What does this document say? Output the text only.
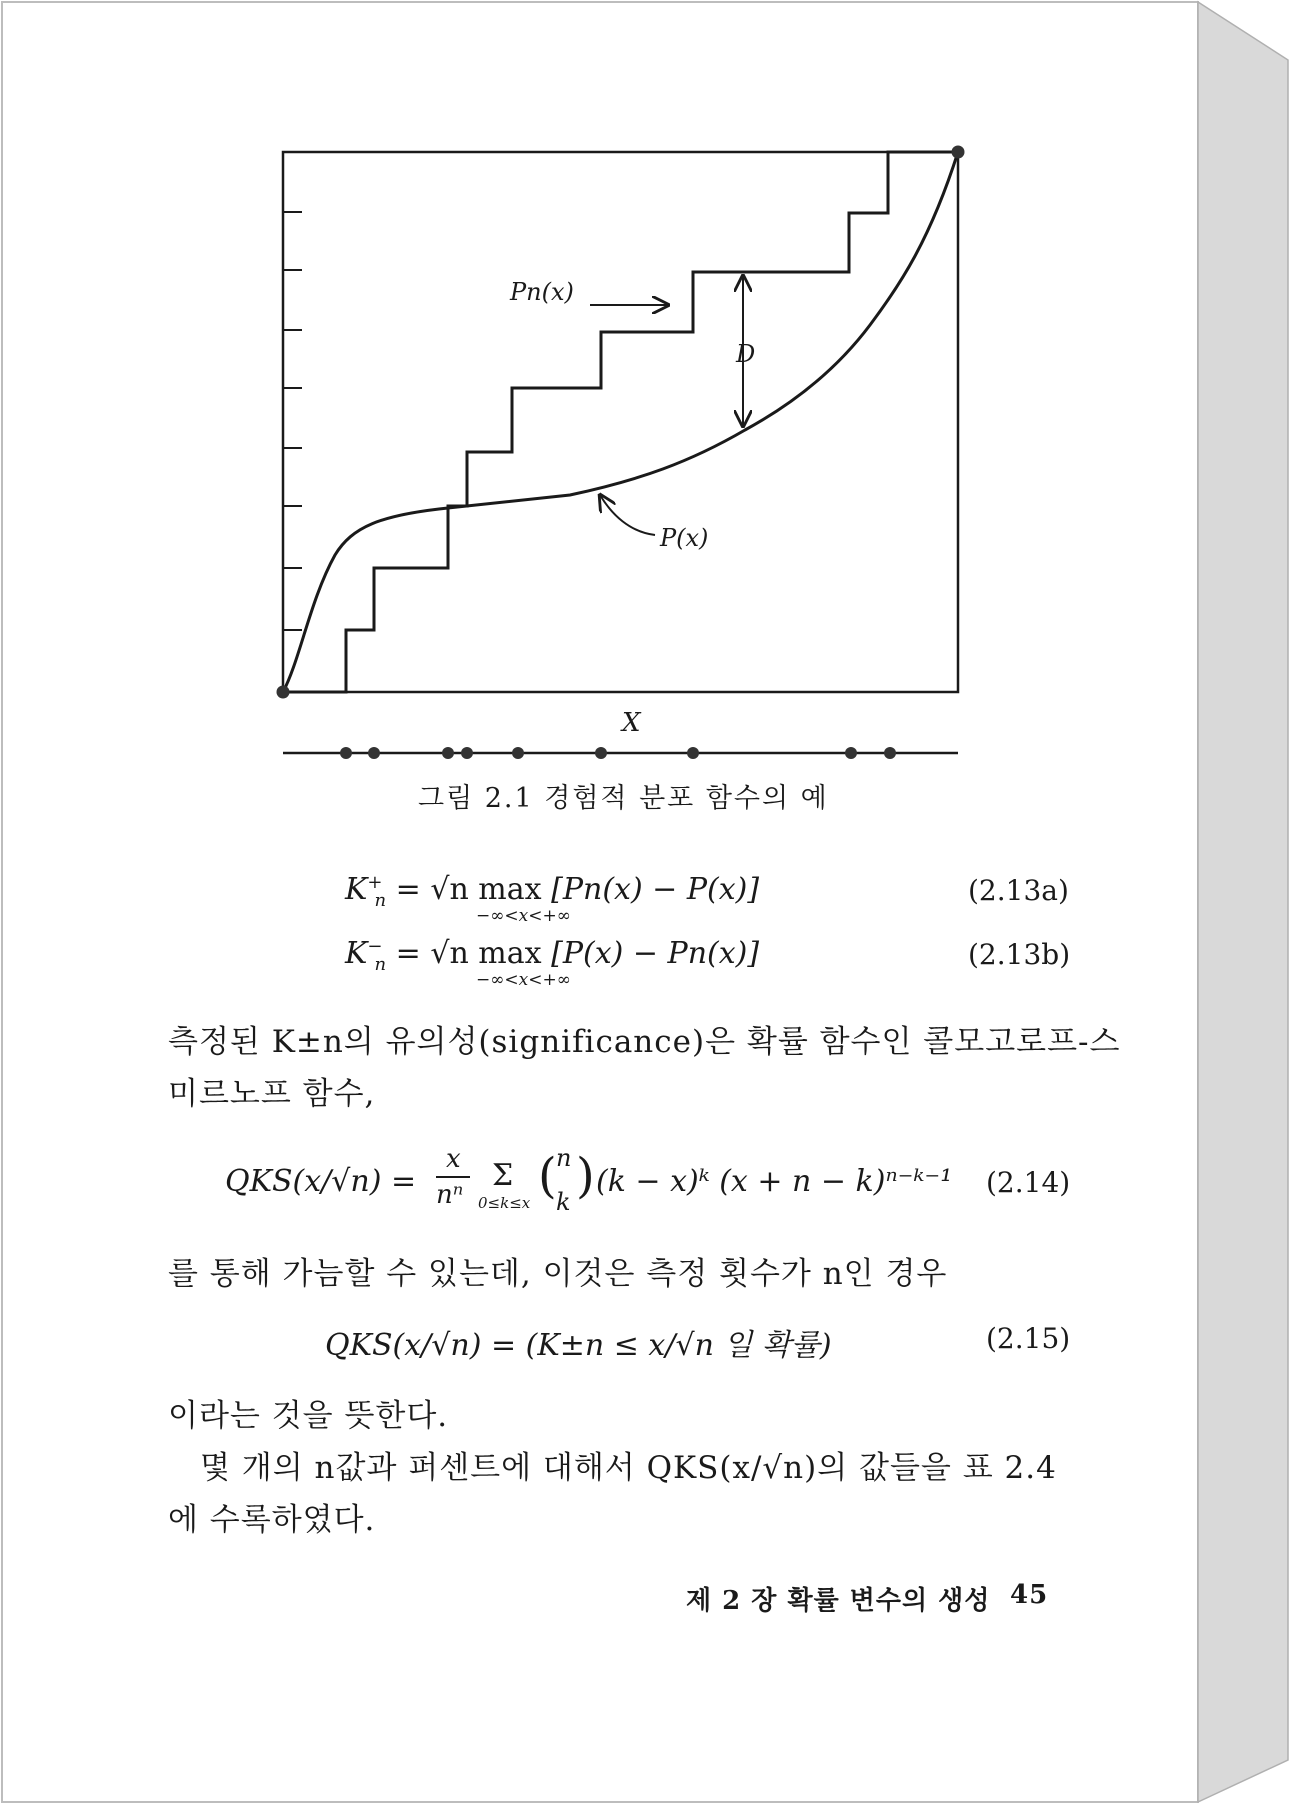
Pn(x)
D
P(x)
X
그림 2.1 경험적 분포 함수의 예
$K^+_n = √n$ max [Pn(x) − P(x)]
−∞<x<+∞
(2.13a)
$K^-_n = √n$ max [P(x) − Pn(x)]
−∞<x<+∞
(2.13b)
측정된 K±n의 유의성(significance)은 확률 함수인 콜모고로프-스
미르노프 함수,
QKS(x/√n) =
x
nⁿ
Σ
0≤k≤x ( n
k ) (k − x)ᵏ (x + n − k)ⁿ⁻ᵏ⁻¹ (2.14)
를 통해 가늠할 수 있는데, 이것은 측정 횟수가 n인 경우
QKS(x/√n) = (K±n ≤ x/√n 일 확률)	(2.15)
이라는 것을 뜻한다.
몇 개의 n값과 퍼센트에 대해서 QKS(x/√n)의 값들을 표 2.4
에 수록하였다.
제 2 장 확률 변수의 생성 45
